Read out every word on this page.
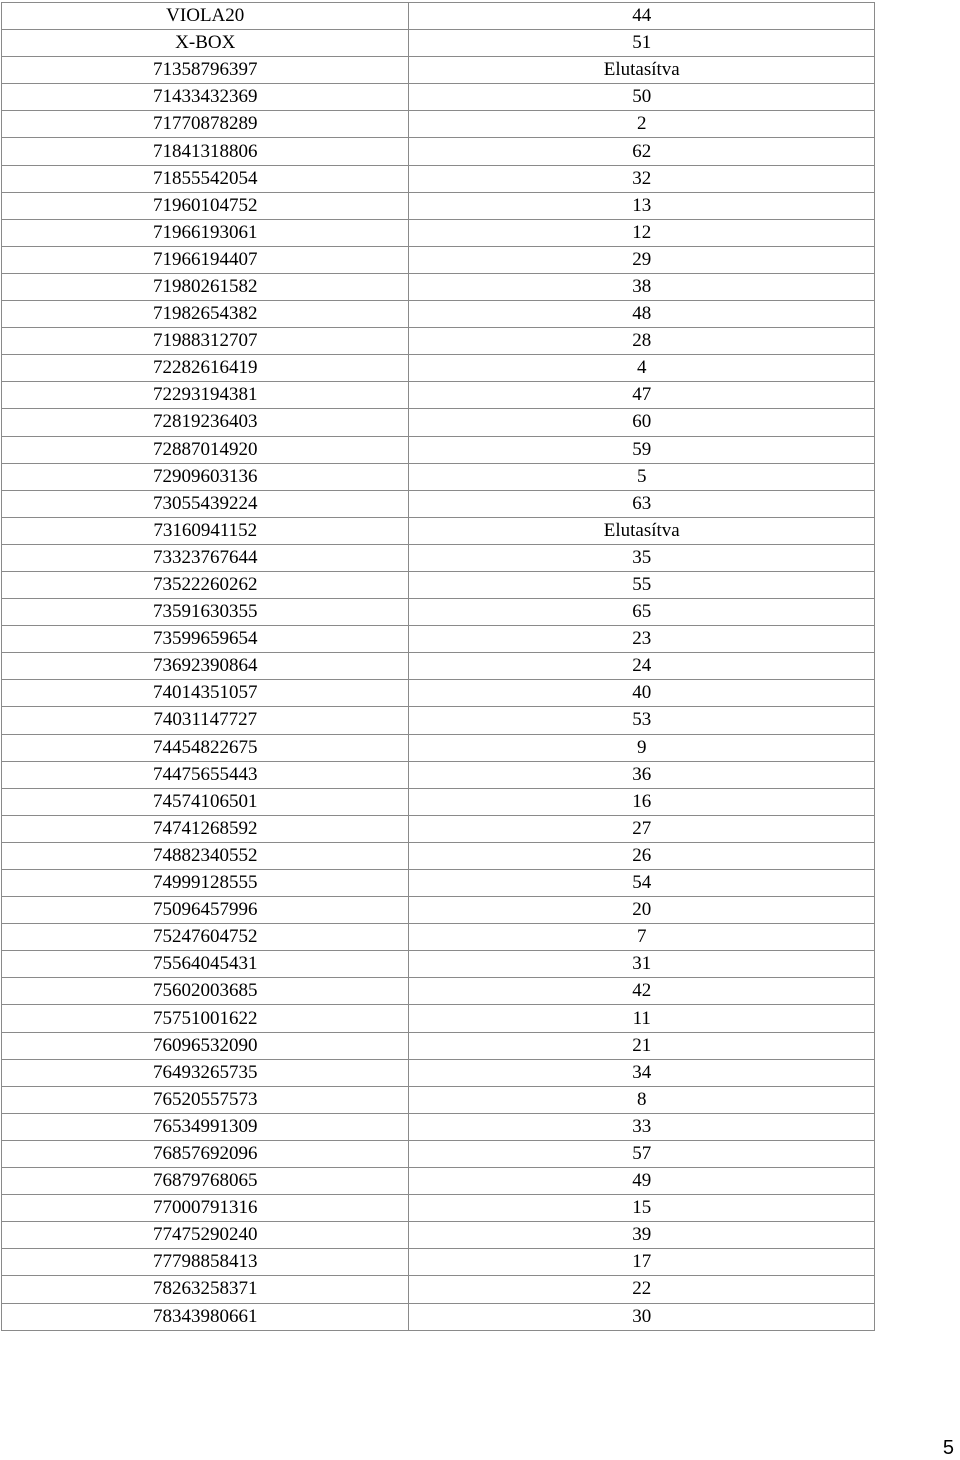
VIOLA20	44
X-BOX	51
71358796397	Elutasítva
71433432369	50
71770878289	2
71841318806	62
71855542054	32
71960104752	13
71966193061	12
71966194407	29
71980261582	38
71982654382	48
71988312707	28
72282616419	4
72293194381	47
72819236403	60
72887014920	59
72909603136	5
73055439224	63
73160941152	Elutasítva
73323767644	35
73522260262	55
73591630355	65
73599659654	23
73692390864	24
74014351057	40
74031147727	53
74454822675	9
74475655443	36
74574106501	16
74741268592	27
74882340552	26
74999128555	54
75096457996	20
75247604752	7
75564045431	31
75602003685	42
75751001622	11
76096532090	21
76493265735	34
76520557573	8
76534991309	33
76857692096	57
76879768065	49
77000791316	15
77475290240	39
77798858413	17
78263258371	22
78343980661	30
5
